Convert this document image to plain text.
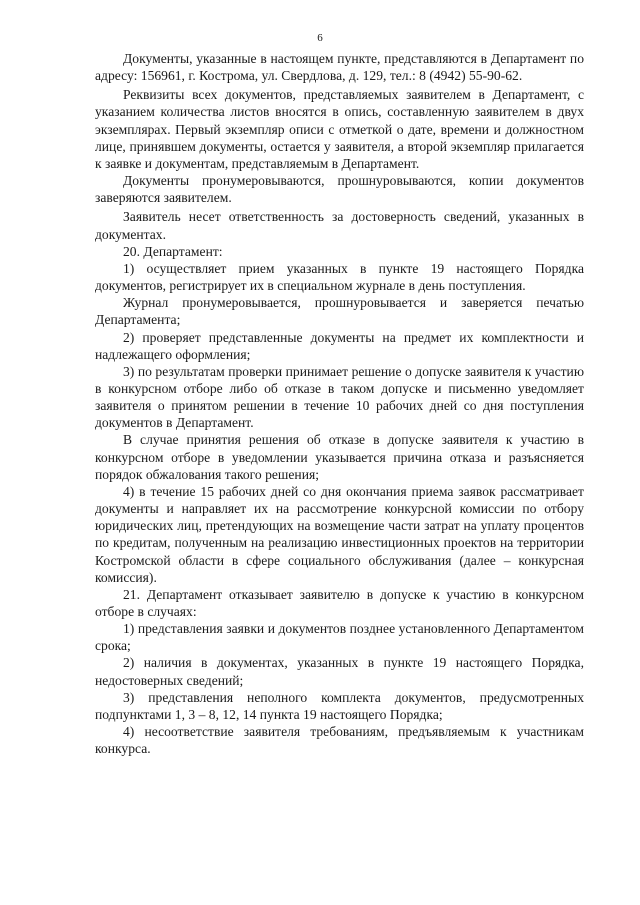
6

Документы, указанные в настоящем пункте, представляются в Департамент по адресу: 156961, г. Кострома, ул. Свердлова, д. 129, тел.: 8 (4942) 55-90-62.

Реквизиты всех документов, представляемых заявителем в Департамент, с указанием количества листов вносятся в опись, составленную заявителем в двух экземплярах. Первый экземпляр описи с отметкой о дате, времени и должностном лице, принявшем документы, остается у заявителя, а второй экземпляр прилагается к заявке и документам, представляемым в Департамент.

Документы пронумеровываются, прошнуровываются, копии документов заверяются заявителем.

Заявитель несет ответственность за достоверность сведений, указанных в документах.

20. Департамент:

1) осуществляет прием указанных в пункте 19 настоящего Порядка документов, регистрирует их в специальном журнале в день поступления.

Журнал пронумеровывается, прошнуровывается и заверяется печатью Департамента;

2) проверяет представленные документы на предмет их комплектности и надлежащего оформления;

3) по результатам проверки принимает решение о допуске заявителя к участию в конкурсном отборе либо об отказе в таком допуске и письменно уведомляет заявителя о принятом решении в течение 10 рабочих дней со дня поступления документов в Департамент.

В случае принятия решения об отказе в допуске заявителя к участию в конкурсном отборе в уведомлении указывается причина отказа и разъясняется порядок обжалования такого решения;

4) в течение 15 рабочих дней со дня окончания приема заявок рассматривает документы и направляет их на рассмотрение конкурсной комиссии по отбору юридических лиц, претендующих на возмещение части затрат на уплату процентов по кредитам, полученным на реализацию инвестиционных проектов на территории Костромской области в сфере социального обслуживания (далее – конкурсная комиссия).

21. Департамент отказывает заявителю в допуске к участию в конкурсном отборе в случаях:

1) представления заявки и документов позднее установленного Департаментом срока;

2) наличия в документах, указанных в пункте 19 настоящего Порядка, недостоверных сведений;

3) представления неполного комплекта документов, предусмотренных подпунктами 1, 3 – 8, 12, 14 пункта 19 настоящего Порядка;

4) несоответствие заявителя требованиям, предъявляемым к участникам конкурса.
